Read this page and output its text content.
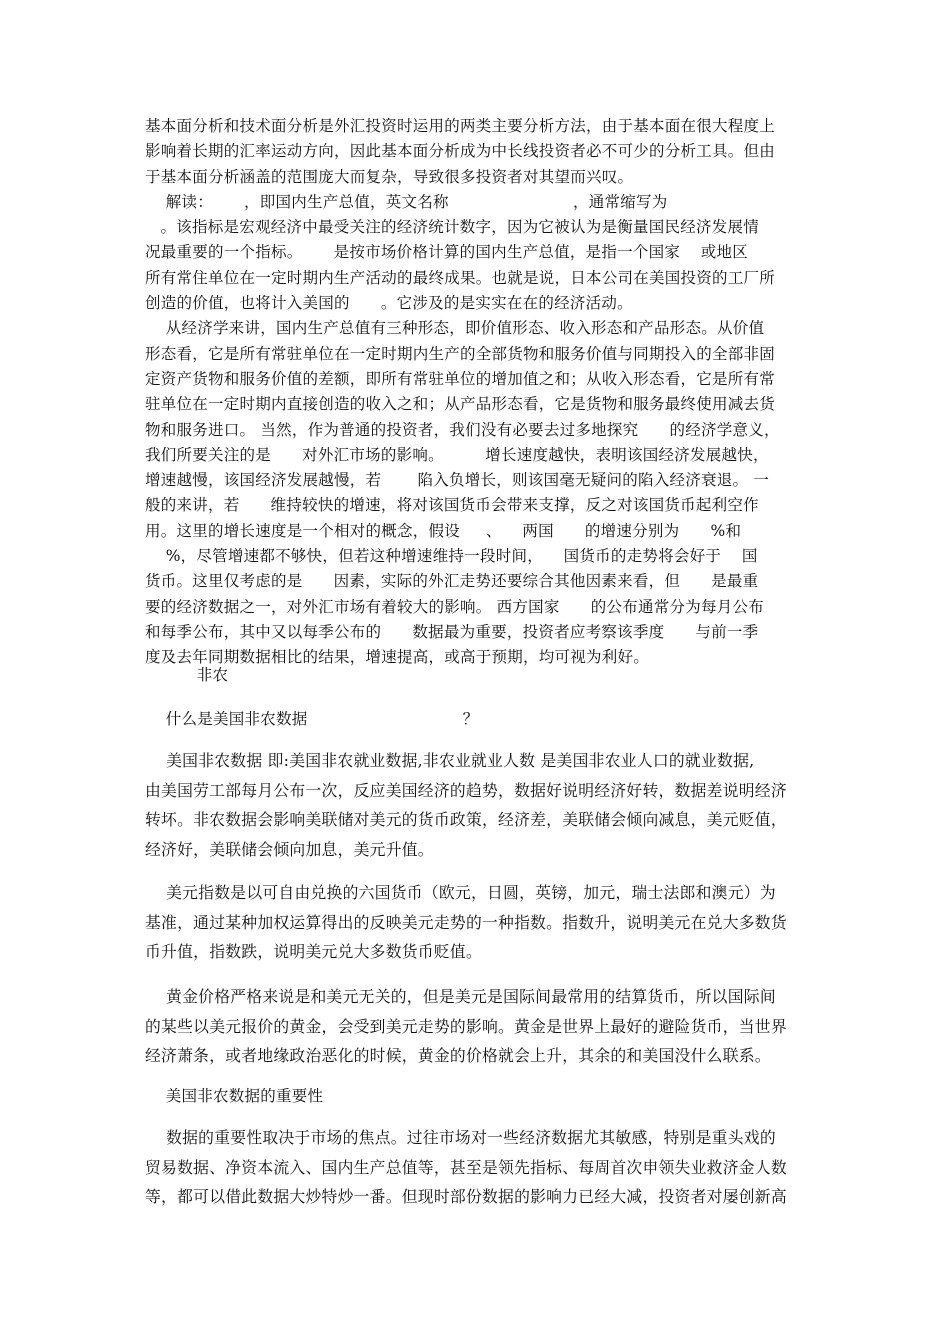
基本面分析和技术面分析是外汇投资时运用的两类主要分析方法，由于基本面在很大程度上
影响着长期的汇率运动方向，因此基本面分析成为中长线投资者必不可少的分析工具。但由
于基本面分析涵盖的范围庞大而复杂，导致很多投资者对其望而兴叹。
解读：      ，即国内生产总值，英文名称                        ，通常缩写为
。该指标是宏观经济中最受关注的经济统计数字，因为它被认为是衡量国民经济发展情
况最重要的一个指标。      是按市场价格计算的国内生产总值，是指一个国家    或地区
所有常住单位在一定时期内生产活动的最终成果。也就是说，日本公司在美国投资的工厂所
创造的价值，也将计入美国的      。它涉及的是实实在在的经济活动。
从经济学来讲，国内生产总值有三种形态，即价值形态、收入形态和产品形态。从价值
形态看，它是所有常驻单位在一定时期内生产的全部货物和服务价值与同期投入的全部非固
定资产货物和服务价值的差额，即所有常驻单位的增加值之和；从收入形态看，它是所有常
驻单位在一定时期内直接创造的收入之和；从产品形态看，它是货物和服务最终使用减去货
物和服务进口。 当然，作为普通的投资者，我们没有必要去过多地探究      的经济学意义，
我们所要关注的是      对外汇市场的影响。        增长速度越快，表明该国经济发展越快，
增速越慢，该国经济发展越慢，若       陷入负增长，则该国毫无疑问的陷入经济衰退。 一
般的来讲，若      维持较快的增速，将对该国货币会带来支撑，反之对该国货币起利空作
用。这里的增长速度是一个相对的概念，假设     、    两国      的增速分别为      %和
%，尽管增速都不够快，但若这种增速维持一段时间，    国货币的走势将会好于    国
货币。这里仅考虑的是      因素，实际的外汇走势还要综合其他因素来看，但      是最重
要的经济数据之一，对外汇市场有着较大的影响。 西方国家      的公布通常分为每月公布
和每季公布，其中又以每季公布的      数据最为重要，投资者应考察该季度      与前一季
度及去年同期数据相比的结果，增速提高，或高于预期，均可视为利好。
非农
什么是美国非农数据                              ？
美国非农数据 即:美国非农就业数据,非农业就业人数 是美国非农业人口的就业数据,
由美国劳工部每月公布一次，反应美国经济的趋势，数据好说明经济好转，数据差说明经济
转坏。非农数据会影响美联储对美元的货币政策，经济差，美联储会倾向减息，美元贬值，
经济好，美联储会倾向加息，美元升值。
美元指数是以可自由兑换的六国货币（欧元，日圆，英镑，加元，瑞士法郎和澳元）为
基准，通过某种加权运算得出的反映美元走势的一种指数。指数升，说明美元在兑大多数货
币升值，指数跌，说明美元兑大多数货币贬值。
黄金价格严格来说是和美元无关的，但是美元是国际间最常用的结算货币，所以国际间
的某些以美元报价的黄金，会受到美元走势的影响。黄金是世界上最好的避险货币，当世界
经济萧条，或者地缘政治恶化的时候，黄金的价格就会上升，其余的和美国没什么联系。
美国非农数据的重要性
数据的重要性取决于市场的焦点。过往市场对一些经济数据尤其敏感，特别是重头戏的
贸易数据、净资本流入、国内生产总值等，甚至是领先指标、每周首次申领失业救济金人数
等，都可以借此数据大炒特炒一番。但现时部份数据的影响力已经大减，投资者对屡创新高
